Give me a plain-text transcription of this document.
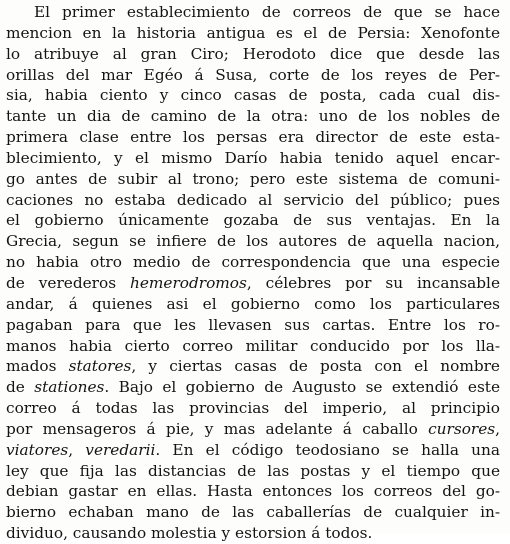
El primer establecimiento de correos de que se hace
mencion en la historia antigua es el de Persia: Xenofonte
lo atribuye al gran Ciro; Herodoto dice que desde las
orillas del mar Egéo á Susa, corte de los reyes de Per-
sia, habia ciento y cinco casas de posta, cada cual dis-
tante un dia de camino de la otra: uno de los nobles de
primera clase entre los persas era director de este esta-
blecimiento, y el mismo Darío habia tenido aquel encar-
go antes de subir al trono; pero este sistema de comuni-
caciones no estaba dedicado al servicio del público; pues
el gobierno únicamente gozaba de sus ventajas. En la
Grecia, segun se infiere de los autores de aquella nacion,
no habia otro medio de correspondencia que una especie
de verederos hemerodromos, célebres por su incansable
andar, á quienes asi el gobierno como los particulares
pagaban para que les llevasen sus cartas. Entre los ro-
manos habia cierto correo militar conducido por los lla-
mados statores, y ciertas casas de posta con el nombre
de stationes. Bajo el gobierno de Augusto se extendió este
correo á todas las provincias del imperio, al principio
por mensageros á pie, y mas adelante á caballo cursores,
viatores, veredarii. En el código teodosiano se halla una
ley que fija las distancias de las postas y el tiempo que
debian gastar en ellas. Hasta entonces los correos del go-
bierno echaban mano de las caballerías de cualquier in-
dividuo, causando molestia y estorsion á todos.
